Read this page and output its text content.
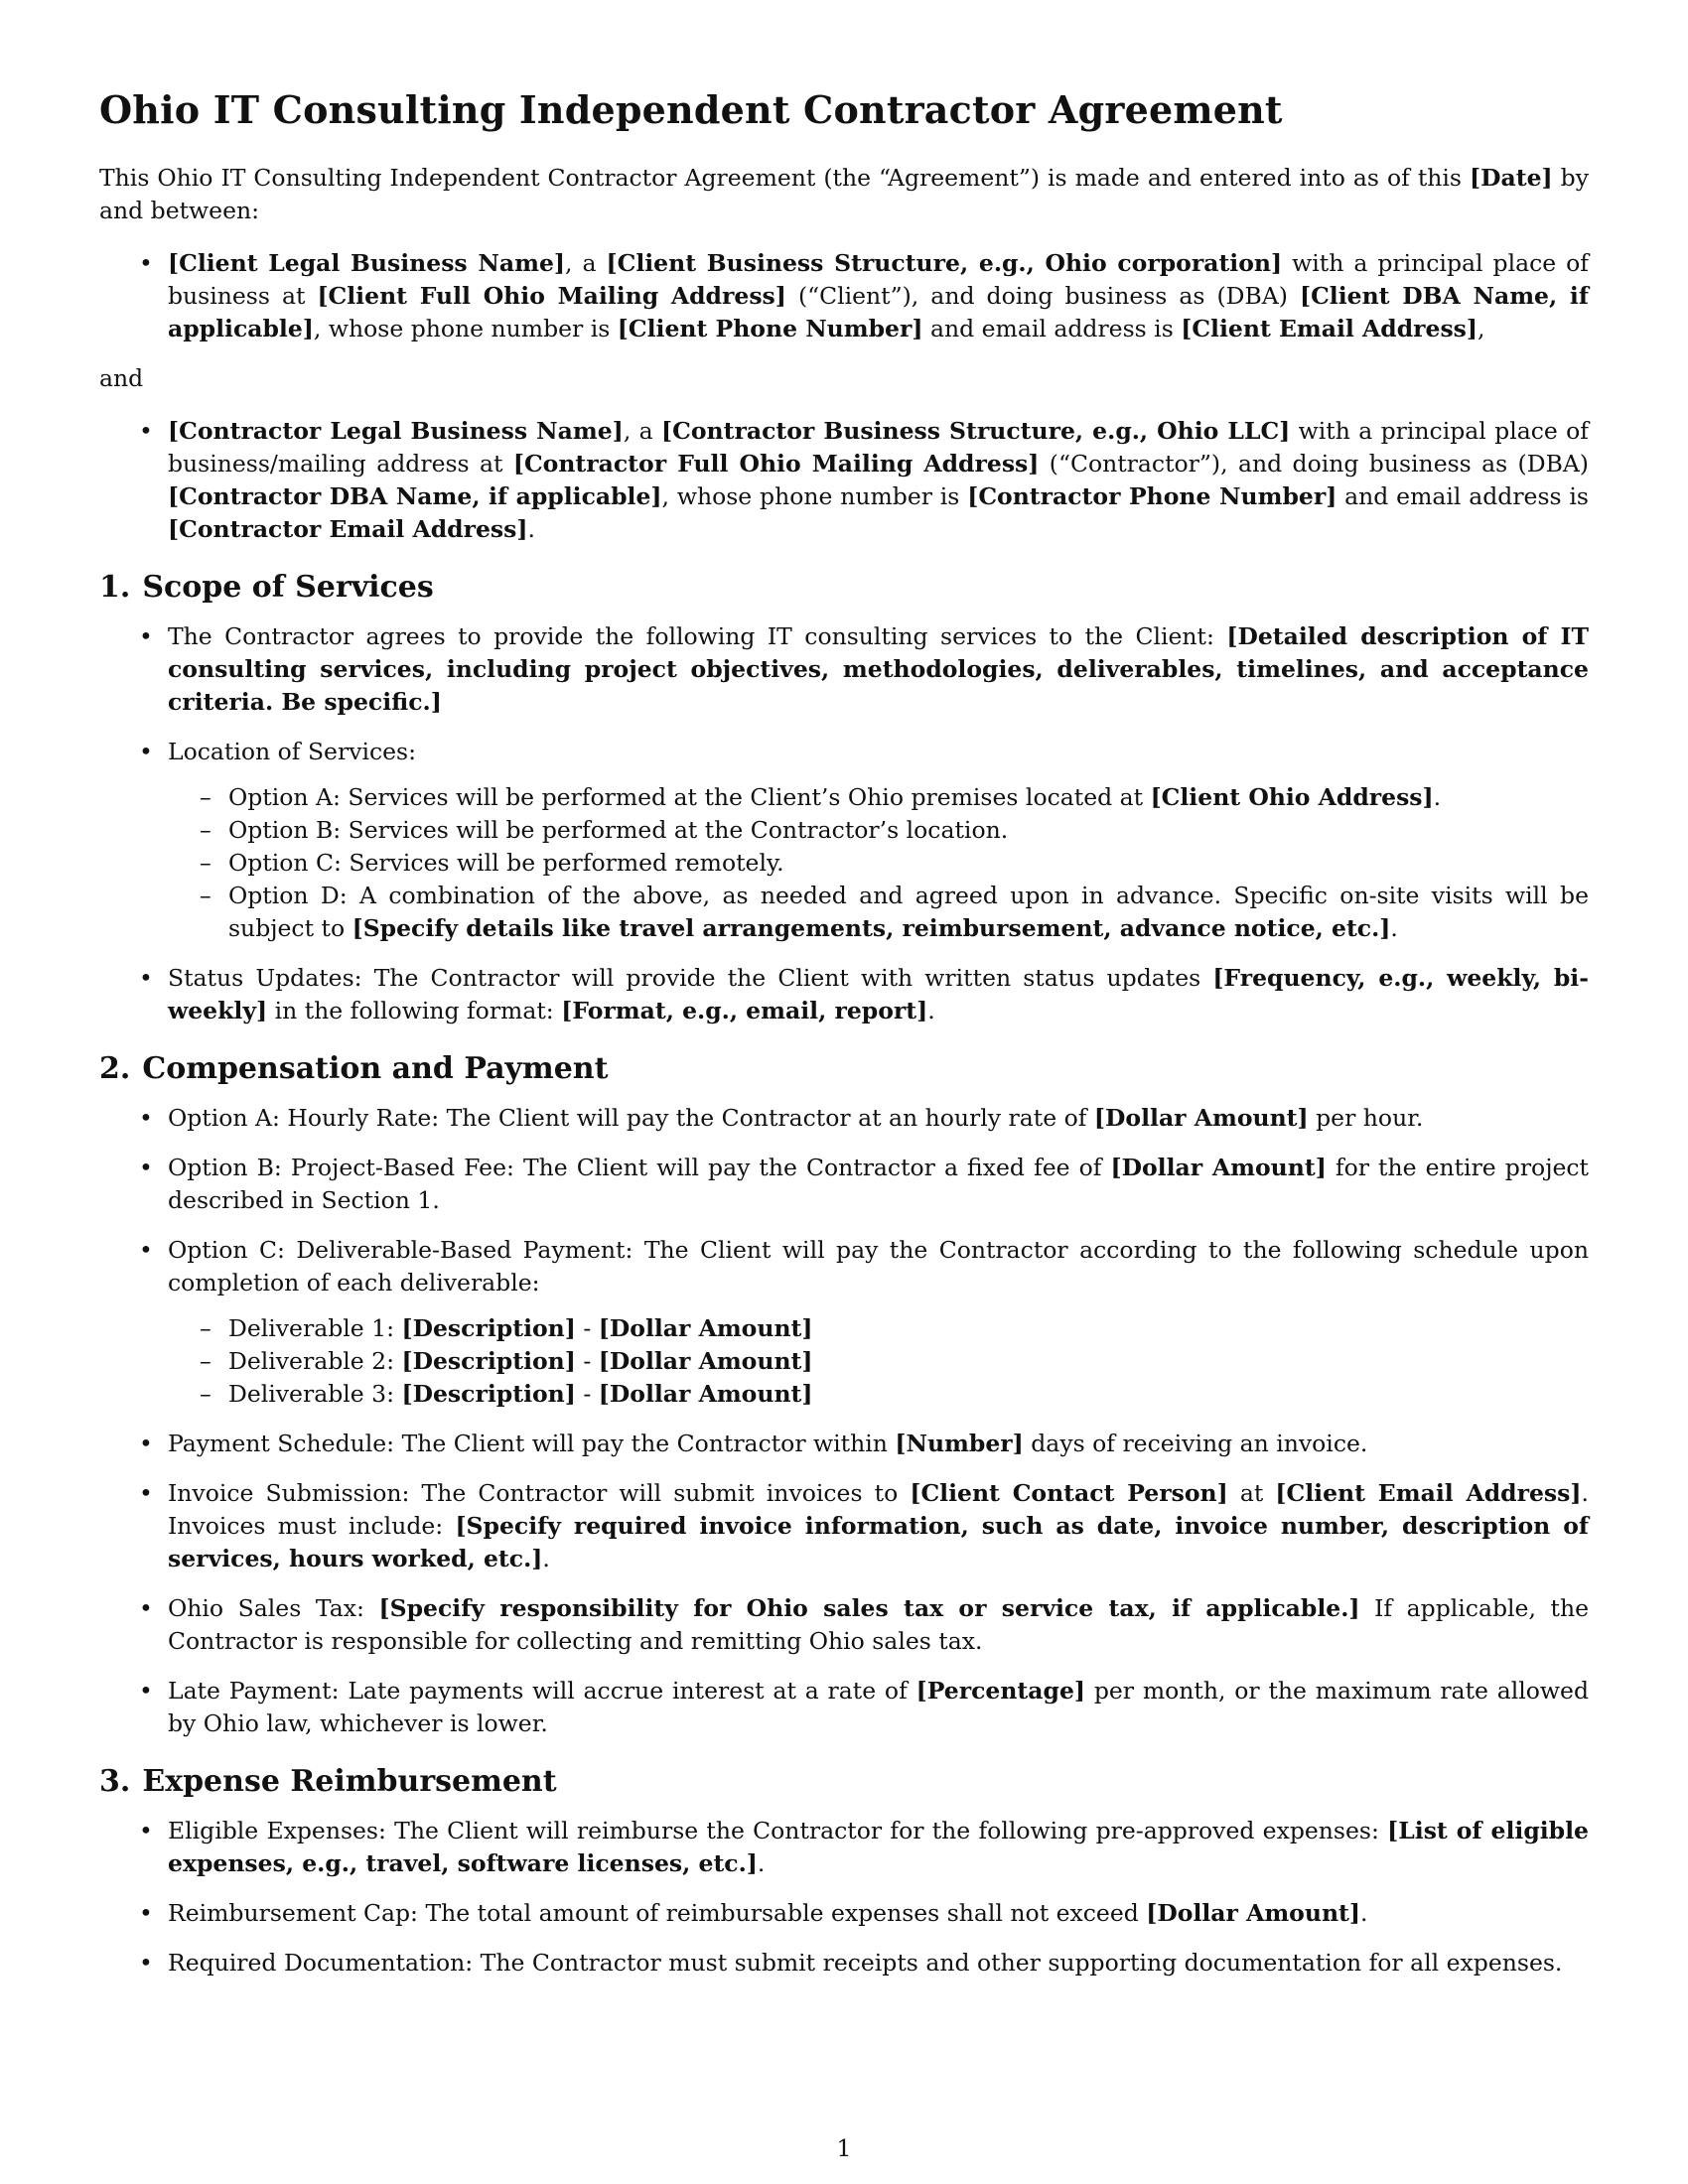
Ohio IT Consulting Independent Contractor Agreement

This Ohio IT Consulting Independent Contractor Agreement (the “Agreement”) is made and entered into as of this [Date] by and between:

• [Client Legal Business Name], a [Client Business Structure, e.g., Ohio corporation] with a principal place of business at [Client Full Ohio Mailing Address] (“Client”), and doing business as (DBA) [Client DBA Name, if applicable], whose phone number is [Client Phone Number] and email address is [Client Email Address],

and

• [Contractor Legal Business Name], a [Contractor Business Structure, e.g., Ohio LLC] with a principal place of business/mailing address at [Contractor Full Ohio Mailing Address] (“Contractor”), and doing business as (DBA) [Contractor DBA Name, if applicable], whose phone number is [Contractor Phone Number] and email address is [Contractor Email Address].
1. Scope of Services
• The Contractor agrees to provide the following IT consulting services to the Client: [Detailed description of IT consulting services, including project objectives, methodologies, deliverables, timelines, and acceptance criteria. Be specific.]
• Location of Services:
– Option A: Services will be performed at the Client’s Ohio premises located at [Client Ohio Address].
– Option B: Services will be performed at the Contractor’s location.
– Option C: Services will be performed remotely.
– Option D: A combination of the above, as needed and agreed upon in advance. Specific on-site visits will be subject to [Specify details like travel arrangements, reimbursement, advance notice, etc.].
• Status Updates: The Contractor will provide the Client with written status updates [Frequency, e.g., weekly, bi-weekly] in the following format: [Format, e.g., email, report].
2. Compensation and Payment
• Option A: Hourly Rate: The Client will pay the Contractor at an hourly rate of [Dollar Amount] per hour.
• Option B: Project-Based Fee: The Client will pay the Contractor a fixed fee of [Dollar Amount] for the entire project described in Section 1.
• Option C: Deliverable-Based Payment: The Client will pay the Contractor according to the following schedule upon completion of each deliverable:
– Deliverable 1: [Description] - [Dollar Amount]
– Deliverable 2: [Description] - [Dollar Amount]
– Deliverable 3: [Description] - [Dollar Amount]
• Payment Schedule: The Client will pay the Contractor within [Number] days of receiving an invoice.
• Invoice Submission: The Contractor will submit invoices to [Client Contact Person] at [Client Email Address]. Invoices must include: [Specify required invoice information, such as date, invoice number, description of services, hours worked, etc.].
• Ohio Sales Tax: [Specify responsibility for Ohio sales tax or service tax, if applicable.] If applicable, the Contractor is responsible for collecting and remitting Ohio sales tax.
• Late Payment: Late payments will accrue interest at a rate of [Percentage] per month, or the maximum rate allowed by Ohio law, whichever is lower.
3. Expense Reimbursement
• Eligible Expenses: The Client will reimburse the Contractor for the following pre-approved expenses: [List of eligible expenses, e.g., travel, software licenses, etc.].
• Reimbursement Cap: The total amount of reimbursable expenses shall not exceed [Dollar Amount].
• Required Documentation: The Contractor must submit receipts and other supporting documentation for all expenses.
1
